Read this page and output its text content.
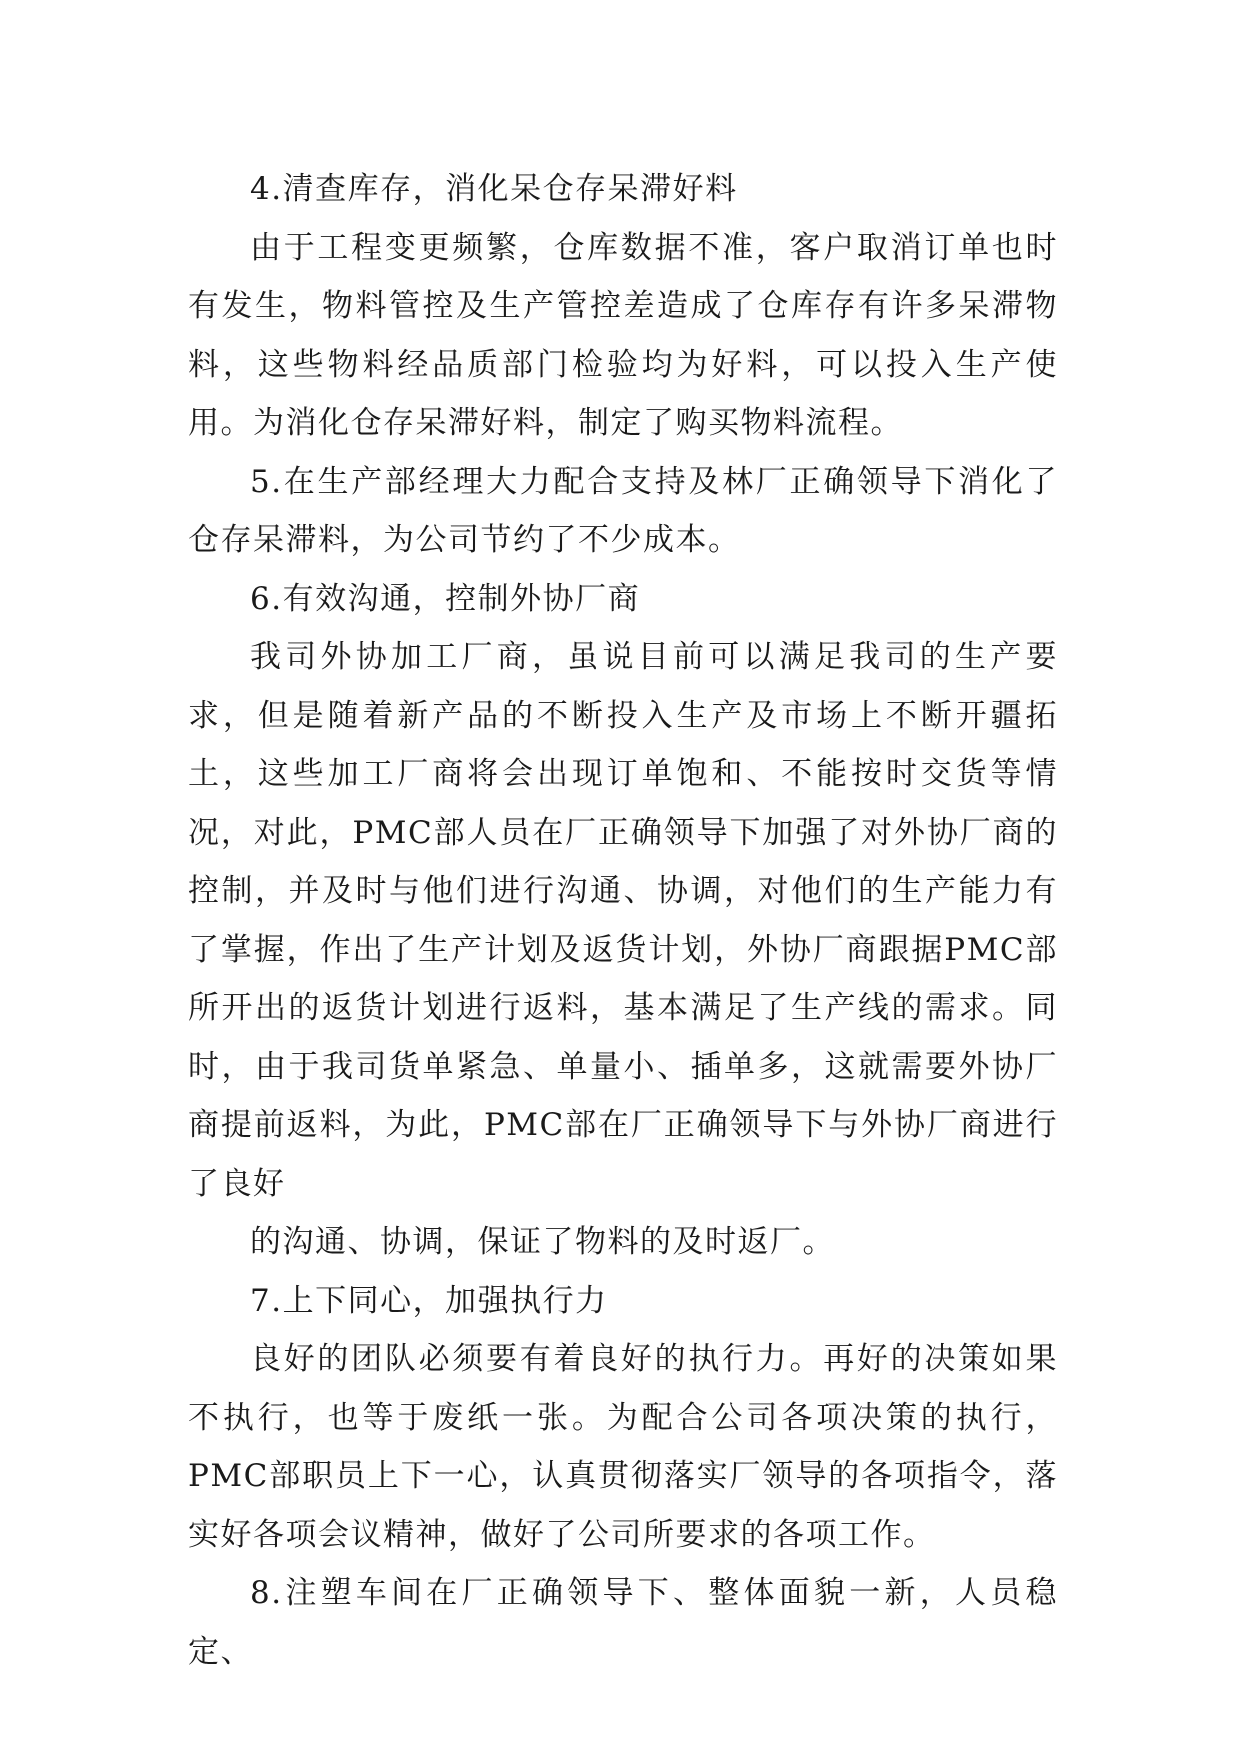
4.清查库存，消化呆仓存呆滞好料

由于工程变更频繁，仓库数据不准，客户取消订单也时有发生，物料管控及生产管控差造成了仓库存有许多呆滞物料，这些物料经品质部门检验均为好料，可以投入生产使用。为消化仓存呆滞好料，制定了购买物料流程。

5.在生产部经理大力配合支持及林厂正确领导下消化了仓存呆滞料，为公司节约了不少成本。

6.有效沟通，控制外协厂商

我司外协加工厂商，虽说目前可以满足我司的生产要求，但是随着新产品的不断投入生产及市场上不断开疆拓土，这些加工厂商将会出现订单饱和、不能按时交货等情况，对此，PMC部人员在厂正确领导下加强了对外协厂商的控制，并及时与他们进行沟通、协调，对他们的生产能力有了掌握，作出了生产计划及返货计划，外协厂商跟据PMC部所开出的返货计划进行返料，基本满足了生产线的需求。同时，由于我司货单紧急、单量小、插单多，这就需要外协厂商提前返料，为此，PMC部在厂正确领导下与外协厂商进行了良好

的沟通、协调，保证了物料的及时返厂。

7.上下同心，加强执行力

良好的团队必须要有着良好的执行力。再好的决策如果不执行，也等于废纸一张。为配合公司各项决策的执行，PMC部职员上下一心，认真贯彻落实厂领导的各项指令，落实好各项会议精神，做好了公司所要求的各项工作。

8.注塑车间在厂正确领导下、整体面貌一新，人员稳定、
